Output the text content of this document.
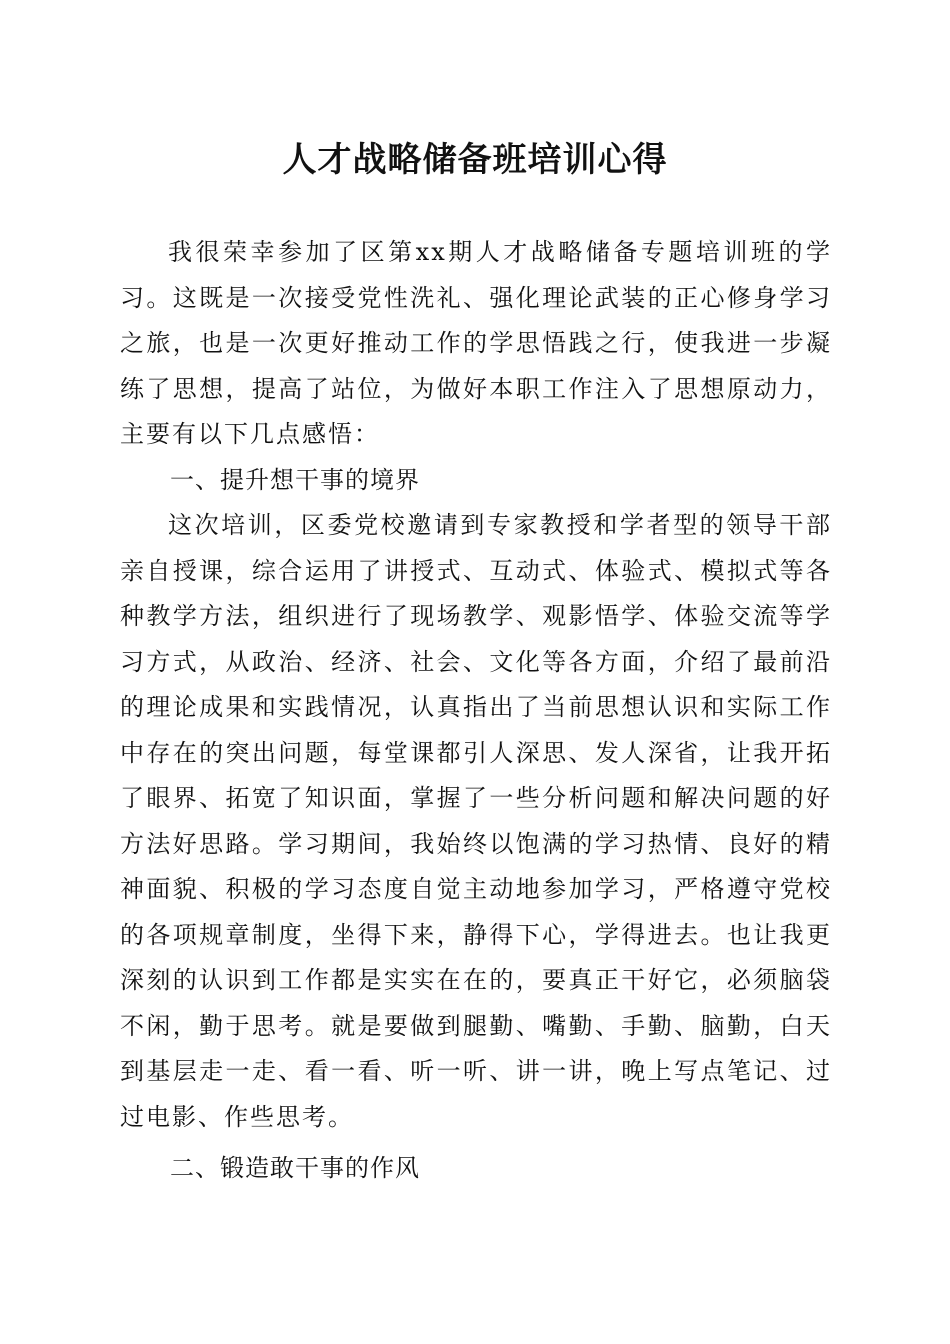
人才战略储备班培训心得

我很荣幸参加了区第xx期人才战略储备专题培训班的学习。这既是一次接受党性洗礼、强化理论武装的正心修身学习之旅，也是一次更好推动工作的学思悟践之行，使我进一步凝练了思想，提高了站位，为做好本职工作注入了思想原动力，主要有以下几点感悟：

一、提升想干事的境界

这次培训，区委党校邀请到专家教授和学者型的领导干部亲自授课，综合运用了讲授式、互动式、体验式、模拟式等各种教学方法，组织进行了现场教学、观影悟学、体验交流等学习方式，从政治、经济、社会、文化等各方面，介绍了最前沿的理论成果和实践情况，认真指出了当前思想认识和实际工作中存在的突出问题，每堂课都引人深思、发人深省，让我开拓了眼界、拓宽了知识面，掌握了一些分析问题和解决问题的好方法好思路。学习期间，我始终以饱满的学习热情、良好的精神面貌、积极的学习态度自觉主动地参加学习，严格遵守党校的各项规章制度，坐得下来，静得下心，学得进去。也让我更深刻的认识到工作都是实实在在的，要真正干好它，必须脑袋不闲，勤于思考。就是要做到腿勤、嘴勤、手勤、脑勤，白天到基层走一走、看一看、听一听、讲一讲，晚上写点笔记、过过电影、作些思考。

二、锻造敢干事的作风
